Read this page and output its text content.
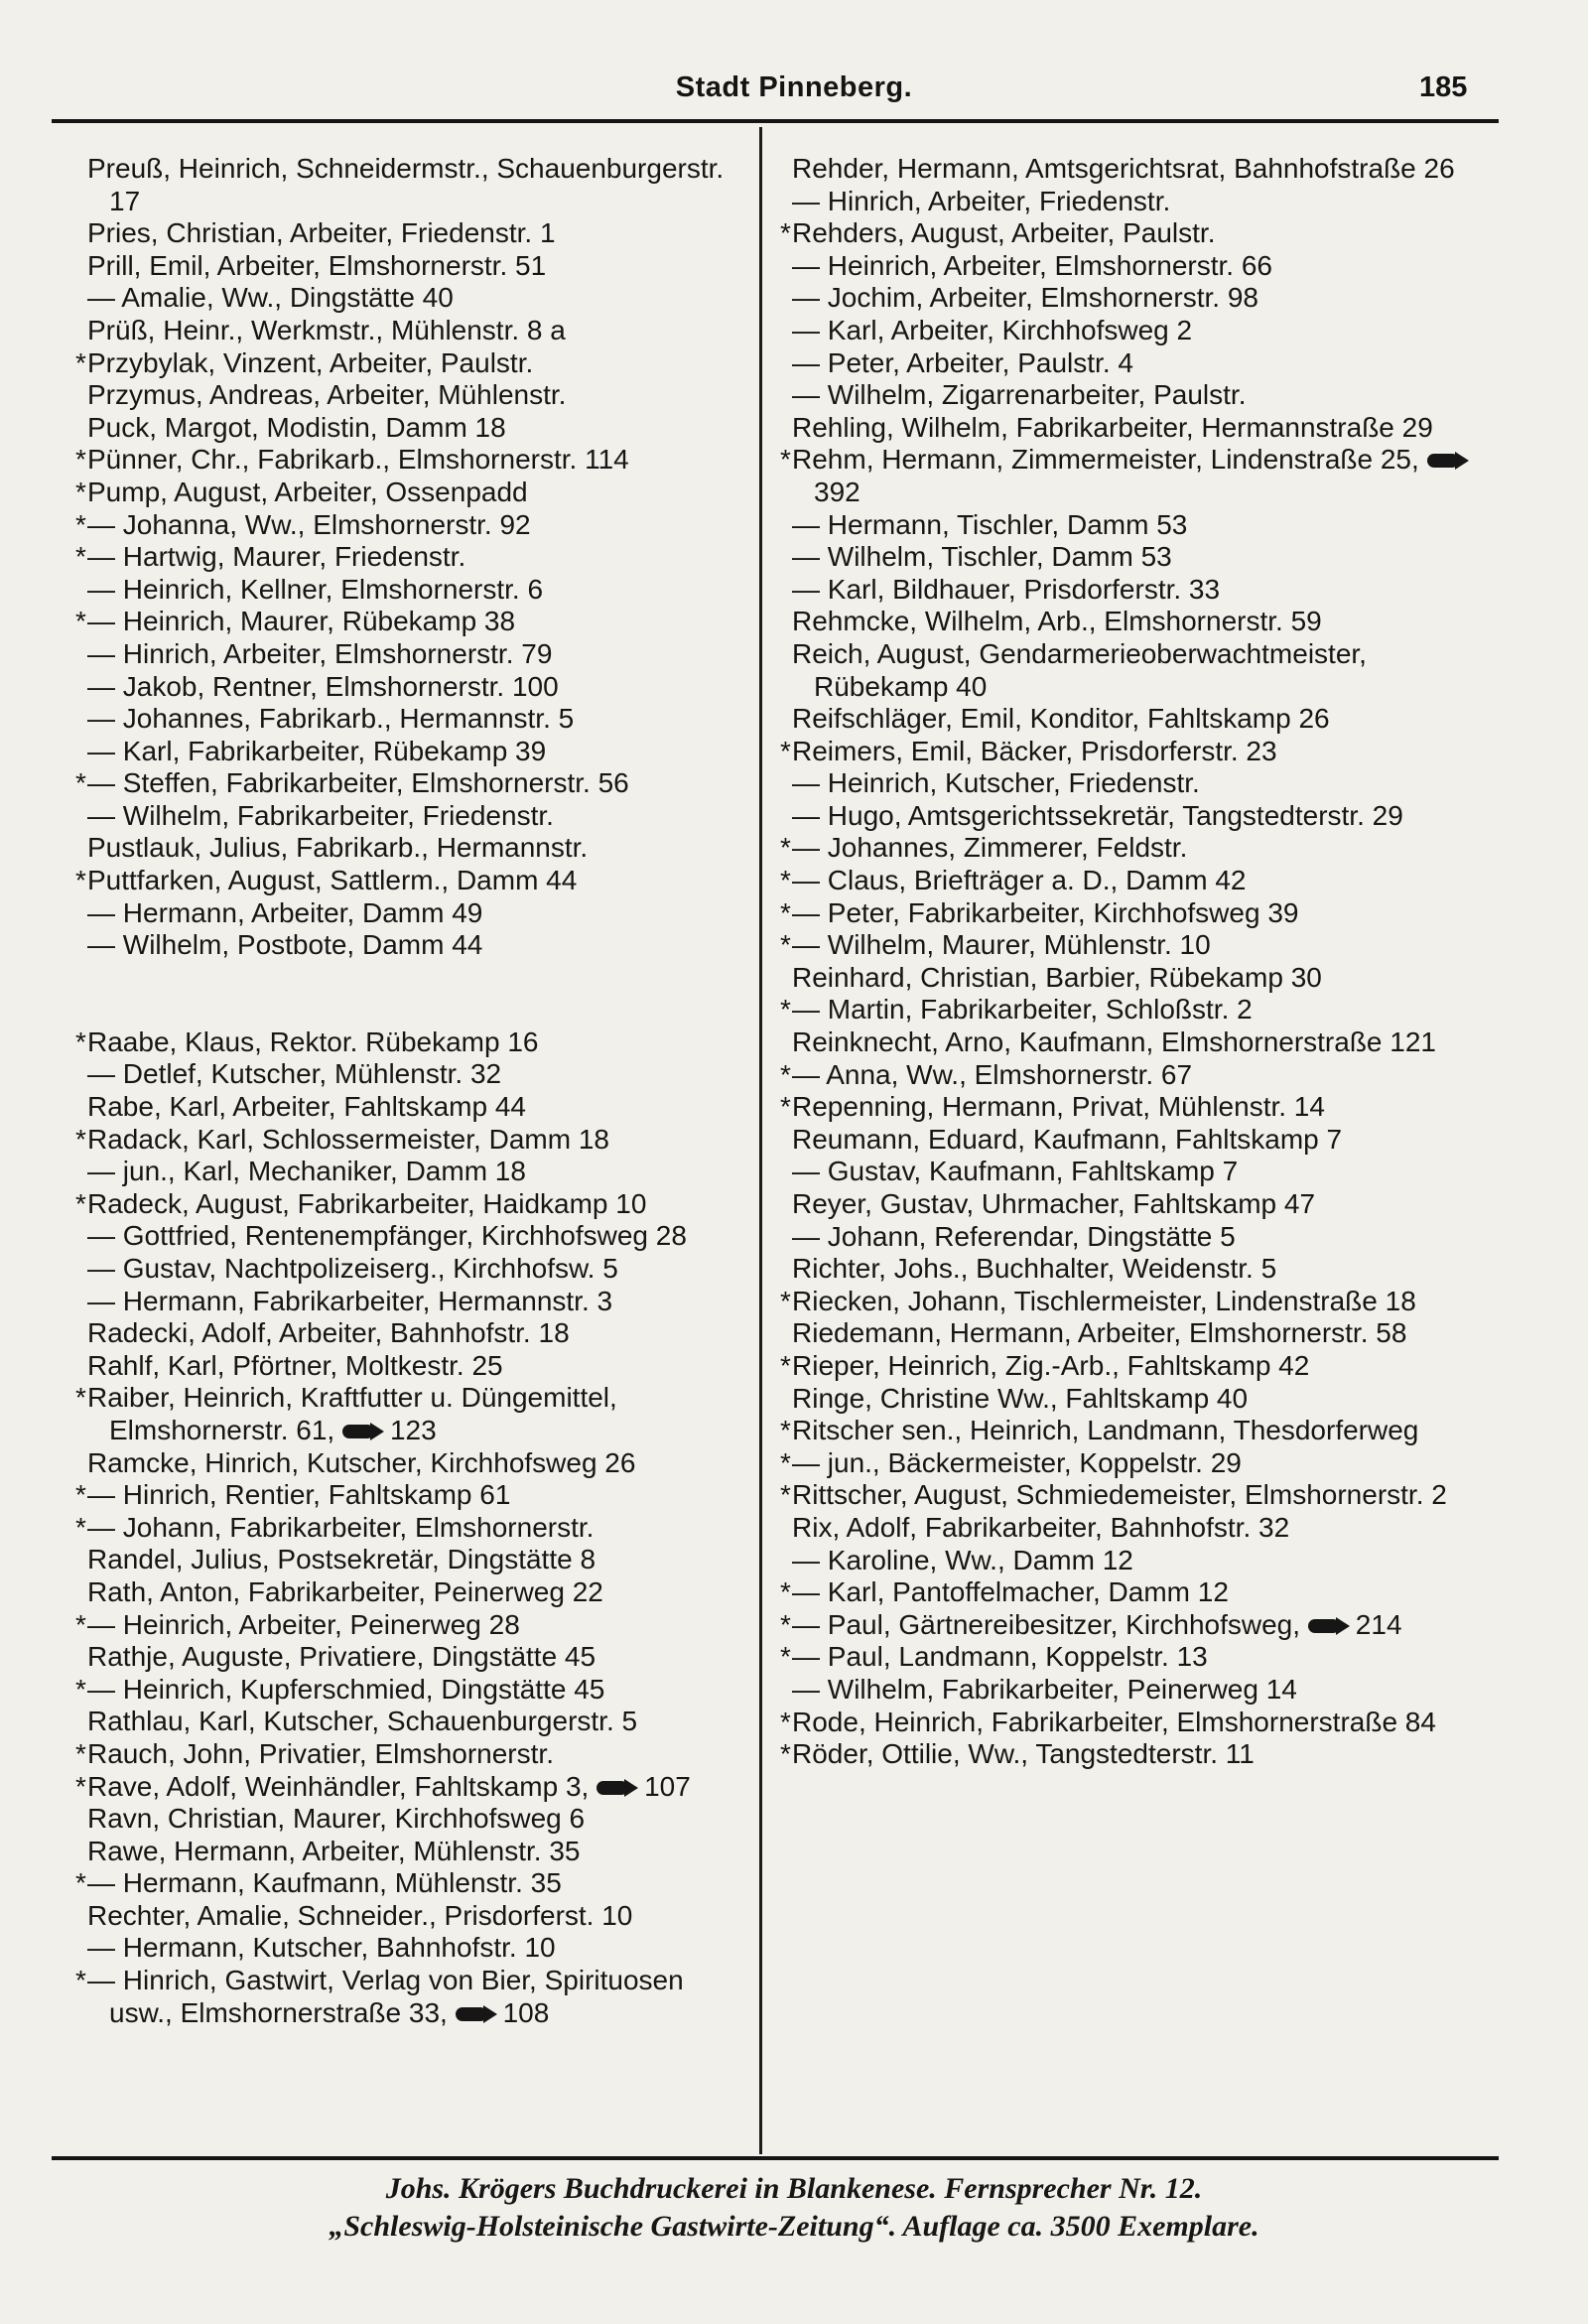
Stadt Pinneberg.	185
Preuß, Heinrich, Schneidermstr., Schauenburgerstr. 17
Pries, Christian, Arbeiter, Friedenstr. 1
Prill, Emil, Arbeiter, Elmshornerstr. 51
— Amalie, Ww., Dingstätte 40
Prüß, Heinr., Werkmstr., Mühlenstr. 8 a
* Przybylak, Vinzent, Arbeiter, Paulstr.
Przymus, Andreas, Arbeiter, Mühlenstr.
Puck, Margot, Modistin, Damm 18
* Pünner, Chr., Fabrikarb., Elmshornerstr. 114
* Pump, August, Arbeiter, Ossenpadd
* — Johanna, Ww., Elmshornerstr. 92
* — Hartwig, Maurer, Friedenstr.
— Heinrich, Kellner, Elmshornerstr. 6
* — Heinrich, Maurer, Rübekamp 38
— Hinrich, Arbeiter, Elmshornerstr. 79
— Jakob, Rentner, Elmshornerstr. 100
— Johannes, Fabrikarb., Hermannstr. 5
— Karl, Fabrikarbeiter, Rübekamp 39
* — Steffen, Fabrikarbeiter, Elmshornerstr. 56
— Wilhelm, Fabrikarbeiter, Friedenstr.
Pustlauk, Julius, Fabrikarb., Hermannstr.
* Puttfarken, August, Sattlerm., Damm 44
— Hermann, Arbeiter, Damm 49
— Wilhelm, Postbote, Damm 44
* Raabe, Klaus, Rektor. Rübekamp 16
— Detlef, Kutscher, Mühlenstr. 32
Rabe, Karl, Arbeiter, Fahltskamp 44
* Radack, Karl, Schlossermeister, Damm 18
— jun., Karl, Mechaniker, Damm 18
* Radeck, August, Fabrikarbeiter, Haidkamp 10
— Gottfried, Rentenempfänger, Kirchhofsweg 28
— Gustav, Nachtpolizeiserg., Kirchhofsw. 5
— Hermann, Fabrikarbeiter, Hermannstr. 3
Radecki, Adolf, Arbeiter, Bahnhofstr. 18
Rahlf, Karl, Pförtner, Moltkestr. 25
* Raiber, Heinrich, Kraftfutter u. Düngemittel, Elmshornerstr. 61, 123
Ramcke, Hinrich, Kutscher, Kirchhofsweg 26
* — Hinrich, Rentier, Fahltskamp 61
* — Johann, Fabrikarbeiter, Elmshornerstr.
Randel, Julius, Postsekretär, Dingstätte 8
Rath, Anton, Fabrikarbeiter, Peinerweg 22
* — Heinrich, Arbeiter, Peinerweg 28
Rathje, Auguste, Privatiere, Dingstätte 45
* — Heinrich, Kupferschmied, Dingstätte 45
Rathlau, Karl, Kutscher, Schauenburgerstr. 5
* Rauch, John, Privatier, Elmshornerstr.
* Rave, Adolf, Weinhändler, Fahltskamp 3, 107
Ravn, Christian, Maurer, Kirchhofsweg 6
Rawe, Hermann, Arbeiter, Mühlenstr. 35
* — Hermann, Kaufmann, Mühlenstr. 35
Rechter, Amalie, Schneider., Prisdorferst. 10
— Hermann, Kutscher, Bahnhofstr. 10
* — Hinrich, Gastwirt, Verlag von Bier, Spirituosen usw., Elmshornerstraße 33, 108
Rehder, Hermann, Amtsgerichtsrat, Bahnhofstraße 26
— Hinrich, Arbeiter, Friedenstr.
* Rehders, August, Arbeiter, Paulstr.
— Heinrich, Arbeiter, Elmshornerstr. 66
— Jochim, Arbeiter, Elmshornerstr. 98
— Karl, Arbeiter, Kirchhofsweg 2
— Peter, Arbeiter, Paulstr. 4
— Wilhelm, Zigarrenarbeiter, Paulstr.
Rehling, Wilhelm, Fabrikarbeiter, Hermannstraße 29
* Rehm, Hermann, Zimmermeister, Lindenstraße 25,
392
— Hermann, Tischler, Damm 53
— Wilhelm, Tischler, Damm 53
— Karl, Bildhauer, Prisdorferstr. 33
Rehmcke, Wilhelm, Arb., Elmshornerstr. 59
Reich, August, Gendarmerieoberwachtmeister, Rübekamp 40
Reifschläger, Emil, Konditor, Fahltskamp 26
* Reimers, Emil, Bäcker, Prisdorferstr. 23
— Heinrich, Kutscher, Friedenstr.
— Hugo, Amtsgerichtssekretär, Tangstedterstr. 29
* — Johannes, Zimmerer, Feldstr.
* — Claus, Briefträger a. D., Damm 42
* — Peter, Fabrikarbeiter, Kirchhofsweg 39
* — Wilhelm, Maurer, Mühlenstr. 10
Reinhard, Christian, Barbier, Rübekamp 30
* — Martin, Fabrikarbeiter, Schloßstr. 2
Reinknecht, Arno, Kaufmann, Elmshornerstraße 121
* — Anna, Ww., Elmshornerstr. 67
* Repenning, Hermann, Privat, Mühlenstr. 14
Reumann, Eduard, Kaufmann, Fahltskamp 7
— Gustav, Kaufmann, Fahltskamp 7
Reyer, Gustav, Uhrmacher, Fahltskamp 47
— Johann, Referendar, Dingstätte 5
Richter, Johs., Buchhalter, Weidenstr. 5
* Riecken, Johann, Tischlermeister, Lindenstraße 18
Riedemann, Hermann, Arbeiter, Elmshornerstr. 58
* Rieper, Heinrich, Zig.-Arb., Fahltskamp 42
Ringe, Christine Ww., Fahltskamp 40
* Ritscher sen., Heinrich, Landmann, Thesdorferweg
* — jun., Bäckermeister, Koppelstr. 29
* Rittscher, August, Schmiedemeister, Elmshornerstr. 2
Rix, Adolf, Fabrikarbeiter, Bahnhofstr. 32
— Karoline, Ww., Damm 12
* — Karl, Pantoffelmacher, Damm 12
* — Paul, Gärtnereibesitzer, Kirchhofsweg, 214
* — Paul, Landmann, Koppelstr. 13
— Wilhelm, Fabrikarbeiter, Peinerweg 14
* Rode, Heinrich, Fabrikarbeiter, Elmshornerstraße 84
* Röder, Ottilie, Ww., Tangstedterstr. 11
Johs. Krögers Buchdruckerei in Blankenese. Fernsprecher Nr. 12.
„Schleswig-Holsteinische Gastwirte-Zeitung“. Auflage ca. 3500 Exemplare.
